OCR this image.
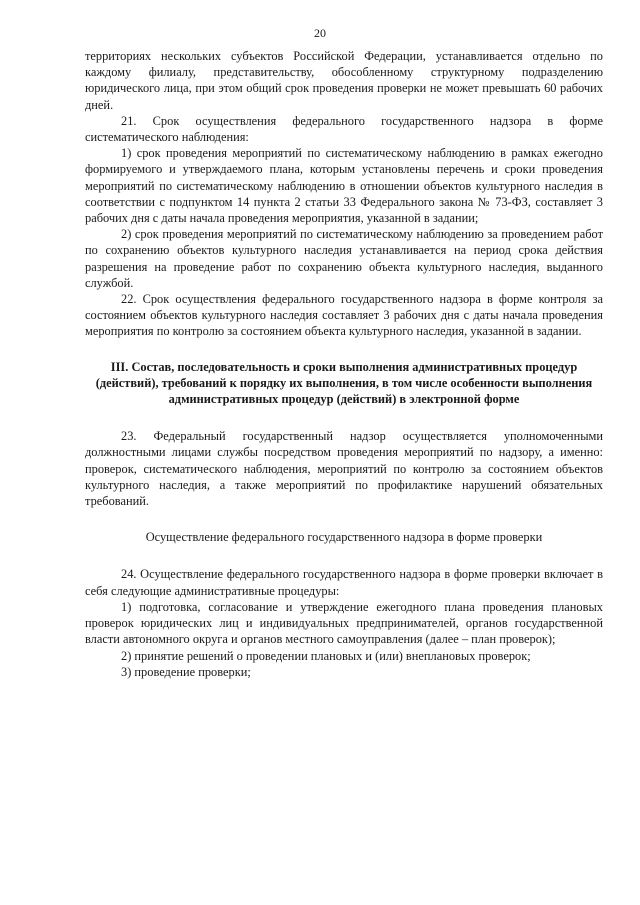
20

территориях нескольких субъектов Российской Федерации, устанавливается отдельно по каждому филиалу, представительству, обособленному структурному подразделению юридического лица, при этом общий срок проведения проверки не может превышать 60 рабочих дней.

21. Срок осуществления федерального государственного надзора в форме систематического наблюдения:

1) срок проведения мероприятий по систематическому наблюдению в рамках ежегодно формируемого и утверждаемого плана, которым установлены перечень и сроки проведения мероприятий по систематическому наблюдению в отношении объектов культурного наследия в соответствии с подпунктом 14 пункта 2 статьи 33 Федерального закона № 73-ФЗ, составляет 3 рабочих дня с даты начала проведения мероприятия, указанной в задании;

2) срок проведения мероприятий по систематическому наблюдению за проведением работ по сохранению объектов культурного наследия устанавливается на период срока действия разрешения на проведение работ по сохранению объекта культурного наследия, выданного службой.

22. Срок осуществления федерального государственного надзора в форме контроля за состоянием объектов культурного наследия составляет 3 рабочих дня с даты начала проведения мероприятия по контролю за состоянием объекта культурного наследия, указанной в задании.

III. Состав, последовательность и сроки выполнения административных процедур (действий), требований к порядку их выполнения, в том числе особенности выполнения административных процедур (действий) в электронной форме

23. Федеральный государственный надзор осуществляется уполномоченными должностными лицами службы посредством проведения мероприятий по надзору, а именно: проверок, систематического наблюдения, мероприятий по контролю за состоянием объектов культурного наследия, а также мероприятий по профилактике нарушений обязательных требований.

Осуществление федерального государственного надзора в форме проверки

24. Осуществление федерального государственного надзора в форме проверки включает в себя следующие административные процедуры:

1) подготовка, согласование и утверждение ежегодного плана проведения плановых проверок юридических лиц и индивидуальных предпринимателей, органов государственной власти автономного округа и органов местного самоуправления (далее – план проверок);

2) принятие решений о проведении плановых и (или) внеплановых проверок;

3) проведение проверки;
